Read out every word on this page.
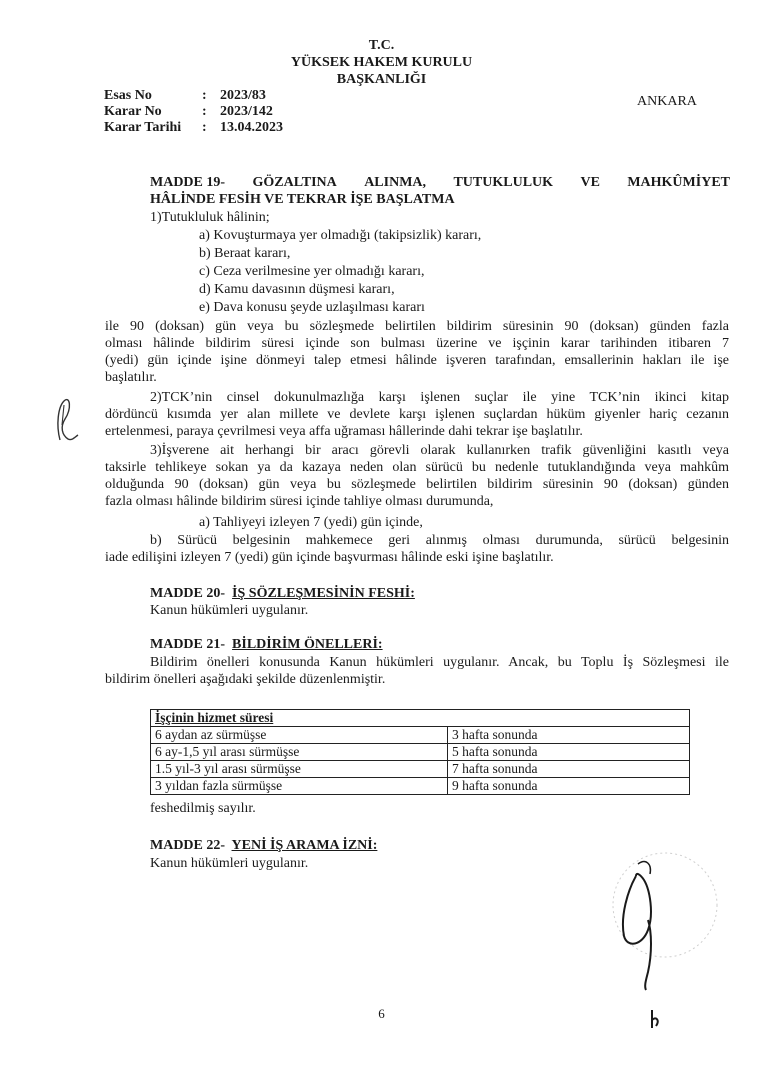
T.C.
YÜKSEK HAKEM KURULU
BAŞKANLIĞI
Esas No	: 2023/83
Karar No	: 2023/142
Karar Tarihi	: 13.04.2023
ANKARA
MADDE 19- GÖZALTINA ALINMA, TUTUKLULUK VE MAHKÛMİYET
HÂLİNDE FESİH VE TEKRAR İŞE BAŞLATMA
1)Tutukluluk hâlinin;
a) Kovuşturmaya yer olmadığı (takipsizlik) kararı,
b) Beraat kararı,
c) Ceza verilmesine yer olmadığı kararı,
d) Kamu davasının düşmesi kararı,
e) Dava konusu şeyde uzlaşılması kararı
ile 90 (doksan) gün veya bu sözleşmede belirtilen bildirim süresinin 90 (doksan) günden fazla
olması hâlinde bildirim süresi içinde son bulması üzerine ve işçinin karar tarihinden itibaren 7
(yedi) gün içinde işine dönmeyi talep etmesi hâlinde işveren tarafından, emsallerinin hakları ile işe
başlatılır.
2)TCK’nin cinsel dokunulmazlığa karşı işlenen suçlar ile yine TCK’nin ikinci kitap
dördüncü kısımda yer alan millete ve devlete karşı işlenen suçlardan hüküm giyenler hariç cezanın
ertelenmesi, paraya çevrilmesi veya affa uğraması hâllerinde dahi tekrar işe başlatılır.
3)İşverene ait herhangi bir aracı görevli olarak kullanırken trafik güvenliğini kasıtlı veya
taksirle tehlikeye sokan ya da kazaya neden olan sürücü bu nedenle tutuklandığında veya mahkûm
olduğunda 90 (doksan) gün veya bu sözleşmede belirtilen bildirim süresinin 90 (doksan) günden
fazla olması hâlinde bildirim süresi içinde tahliye olması durumunda,
a) Tahliyeyi izleyen 7 (yedi) gün içinde,
b) Sürücü belgesinin mahkemece geri alınmış olması durumunda, sürücü belgesinin
iade edilişini izleyen 7 (yedi) gün içinde başvurması hâlinde eski işine başlatılır.
MADDE 20- İŞ SÖZLEŞMESİNİN FESHİ:
Kanun hükümleri uygulanır.
MADDE 21- BİLDİRİM ÖNELLERİ:
Bildirim önelleri konusunda Kanun hükümleri uygulanır. Ancak, bu Toplu İş Sözleşmesi ile
bildirim önelleri aşağıdaki şekilde düzenlenmiştir.
İşçinin hizmet süresi	
6 aydan az sürmüşse	3 hafta sonunda
6 ay-1,5 yıl arası sürmüşse	5 hafta sonunda
1.5 yıl-3 yıl arası sürmüşse	7 hafta sonunda
3 yıldan fazla sürmüşse	9 hafta sonunda
feshedilmiş sayılır.
MADDE 22- YENİ İŞ ARAMA İZNİ:
Kanun hükümleri uygulanır.
6
